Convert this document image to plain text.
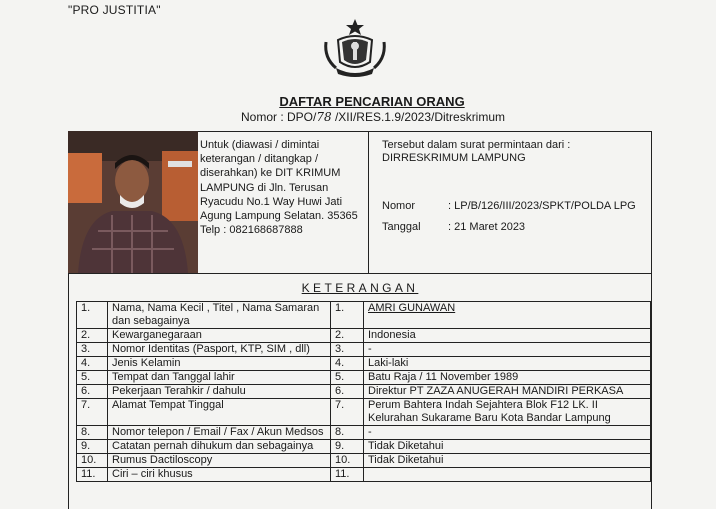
"PRO JUSTITIA"
DAFTAR PENCARIAN ORANG
Nomor : DPO/78 /XII/RES.1.9/2023/Ditreskrimum
Untuk (diawasi / dimintai
keterangan / ditangkap /
diserahkan) ke DIT KRIMUM
LAMPUNG di Jln. Terusan
Ryacudu No.1 Way Huwi Jati
Agung Lampung Selatan. 35365
Telp : 082168687888
Tersebut dalam surat permintaan dari :
DIRRESKRIMUM LAMPUNG
Nomor	: LP/B/126/III/2023/SPKT/POLDA LPG
Tanggal : 21 Maret 2023
KETERANGAN
1.	Nama, Nama Kecil , Titel , Nama Samaran dan sebagainya	1.	AMRI GUNAWAN
2.	Kewarganegaraan	2.	Indonesia
3.	Nomor Identitas (Pasport, KTP, SIM , dll)	3.	-
4.	Jenis Kelamin	4.	Laki-laki
5.	Tempat dan Tanggal lahir	5.	Batu Raja / 11 November 1989
6.	Pekerjaan Terahkir / dahulu	6.	Direktur PT ZAZA ANUGERAH MANDIRI PERKASA
7.	Alamat Tempat Tinggal	7.	Perum Bahtera Indah Sejahtera Blok F12 LK. II Kelurahan Sukarame Baru Kota Bandar Lampung
8.	Nomor telepon / Email / Fax / Akun Medsos	8.	-
9.	Catatan pernah dihukum dan sebagainya	9.	Tidak Diketahui
10.	Rumus Dactiloscopy	10.	Tidak Diketahui
11.	Ciri – ciri khusus	11.	
